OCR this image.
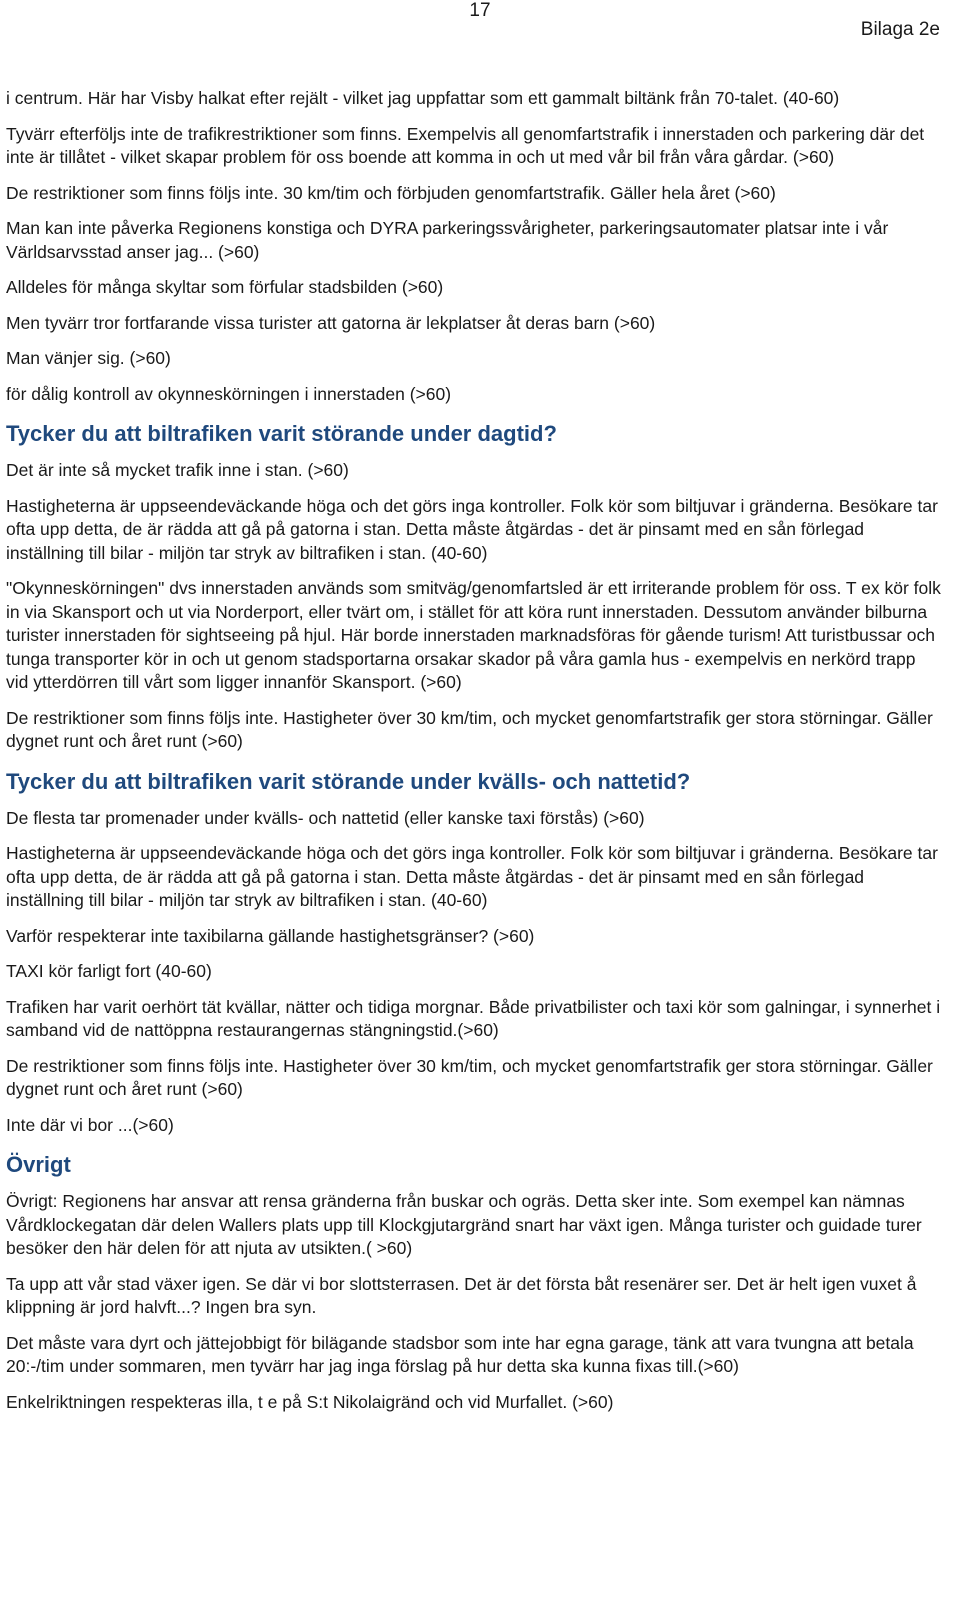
17
Bilaga 2e

i centrum. Här har Visby halkat efter rejält - vilket jag uppfattar som ett gammalt biltänk från 70-talet. (40-60)

Tyvärr efterföljs inte de trafikrestriktioner som finns. Exempelvis all genomfartstrafik i innerstaden och parkering där det inte är tillåtet - vilket skapar problem för oss boende att komma in och ut med vår bil från våra gårdar. (>60)

De restriktioner som finns följs inte. 30 km/tim och förbjuden genomfartstrafik. Gäller hela året (>60)

Man kan inte påverka Regionens konstiga och DYRA parkeringssvårigheter, parkeringsautomater platsar inte i vår Världsarvsstad anser jag... (>60)

Alldeles för många skyltar som förfular stadsbilden (>60)

Men tyvärr tror fortfarande vissa turister att gatorna är lekplatser åt deras barn (>60)

Man vänjer sig. (>60)

för dålig kontroll av okynneskörningen i innerstaden (>60)

Tycker du att biltrafiken varit störande under dagtid?

Det är inte så mycket trafik inne i stan. (>60)

Hastigheterna är uppseendeväckande höga och det görs inga kontroller. Folk kör som biltjuvar i gränderna. Besökare tar ofta upp detta, de är rädda att gå på gatorna i stan. Detta måste åtgärdas - det är pinsamt med en sån förlegad inställning till bilar - miljön tar stryk av biltrafiken i stan. (40-60)

"Okynneskörningen" dvs innerstaden används som smitväg/genomfartsled är ett irriterande problem för oss. T ex kör folk in via Skansport och ut via Norderport, eller tvärt om, i stället för att köra runt innerstaden. Dessutom använder bilburna turister innerstaden för sightseeing på hjul. Här borde innerstaden marknadsföras för gående turism! Att turistbussar och tunga transporter kör in och ut genom stadsportarna orsakar skador på våra gamla hus - exempelvis en nerkörd trapp vid ytterdörren till vårt som ligger innanför Skansport. (>60)

De restriktioner som finns följs inte. Hastigheter över 30 km/tim, och mycket genomfartstrafik ger stora störningar. Gäller dygnet runt och året runt (>60)

Tycker du att biltrafiken varit störande under kvälls- och nattetid?

De flesta tar promenader under kvälls- och nattetid (eller kanske taxi förstås) (>60)

Hastigheterna är uppseendeväckande höga och det görs inga kontroller. Folk kör som biltjuvar i gränderna. Besökare tar ofta upp detta, de är rädda att gå på gatorna i stan. Detta måste åtgärdas - det är pinsamt med en sån förlegad inställning till bilar - miljön tar stryk av biltrafiken i stan. (40-60)

Varför respekterar inte taxibilarna gällande hastighetsgränser? (>60)

TAXI kör farligt fort (40-60)

Trafiken har varit oerhört tät kvällar, nätter och tidiga morgnar. Både privatbilister och taxi kör som galningar, i synnerhet i samband vid de nattöppna restaurangernas stängningstid.(>60)

De restriktioner som finns följs inte. Hastigheter över 30 km/tim, och mycket genomfartstrafik ger stora störningar. Gäller dygnet runt och året runt (>60)

Inte där vi bor ...(>60)

Övrigt

Övrigt: Regionens har ansvar att rensa gränderna från buskar och ogräs. Detta sker inte. Som exempel kan nämnas Vårdklockegatan där delen Wallers plats upp till Klockgjutargränd snart har växt igen. Många turister och guidade turer besöker den här delen för att njuta av utsikten.( >60)

Ta upp att vår stad växer igen. Se där vi bor slottsterrasen. Det är det första båt resenärer ser. Det är helt igen vuxet å klippning är jord halvft...? Ingen bra syn.

Det måste vara dyrt och jättejobbigt för bilägande stadsbor som inte har egna garage, tänk att vara tvungna att betala 20:-/tim under sommaren, men tyvärr har jag inga förslag på hur detta ska kunna fixas till.(>60)

Enkelriktningen respekteras illa, t e på S:t Nikolaigränd och vid Murfallet. (>60)
